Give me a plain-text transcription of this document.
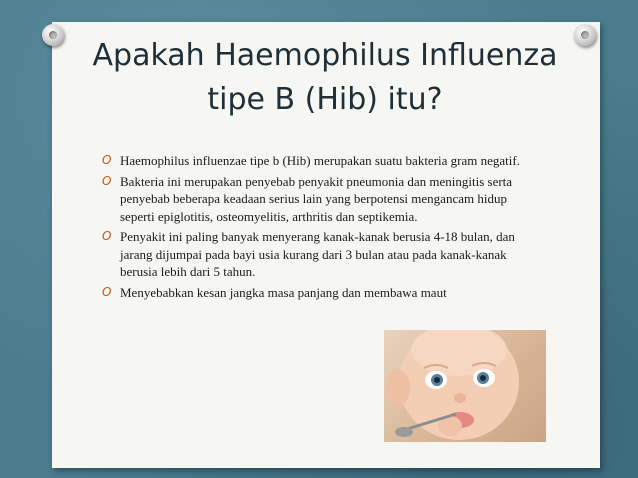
Apakah Haemophilus Influenza tipe B (Hib) itu?
O Haemophilus influenzae tipe b (Hib) merupakan suatu bakteria gram negatif.
O Bakteria ini merupakan penyebab penyakit pneumonia dan meningitis serta penyebab beberapa keadaan serius lain yang berpotensi mengancam hidup seperti epiglotitis, osteomyelitis, arthritis dan septikemia.
O Penyakit ini paling banyak menyerang kanak-kanak berusia 4-18 bulan, dan jarang dijumpai pada bayi usia kurang dari 3 bulan atau pada kanak-kanak berusia lebih dari 5 tahun.
O Menyebabkan kesan jangka masa panjang dan membawa maut
